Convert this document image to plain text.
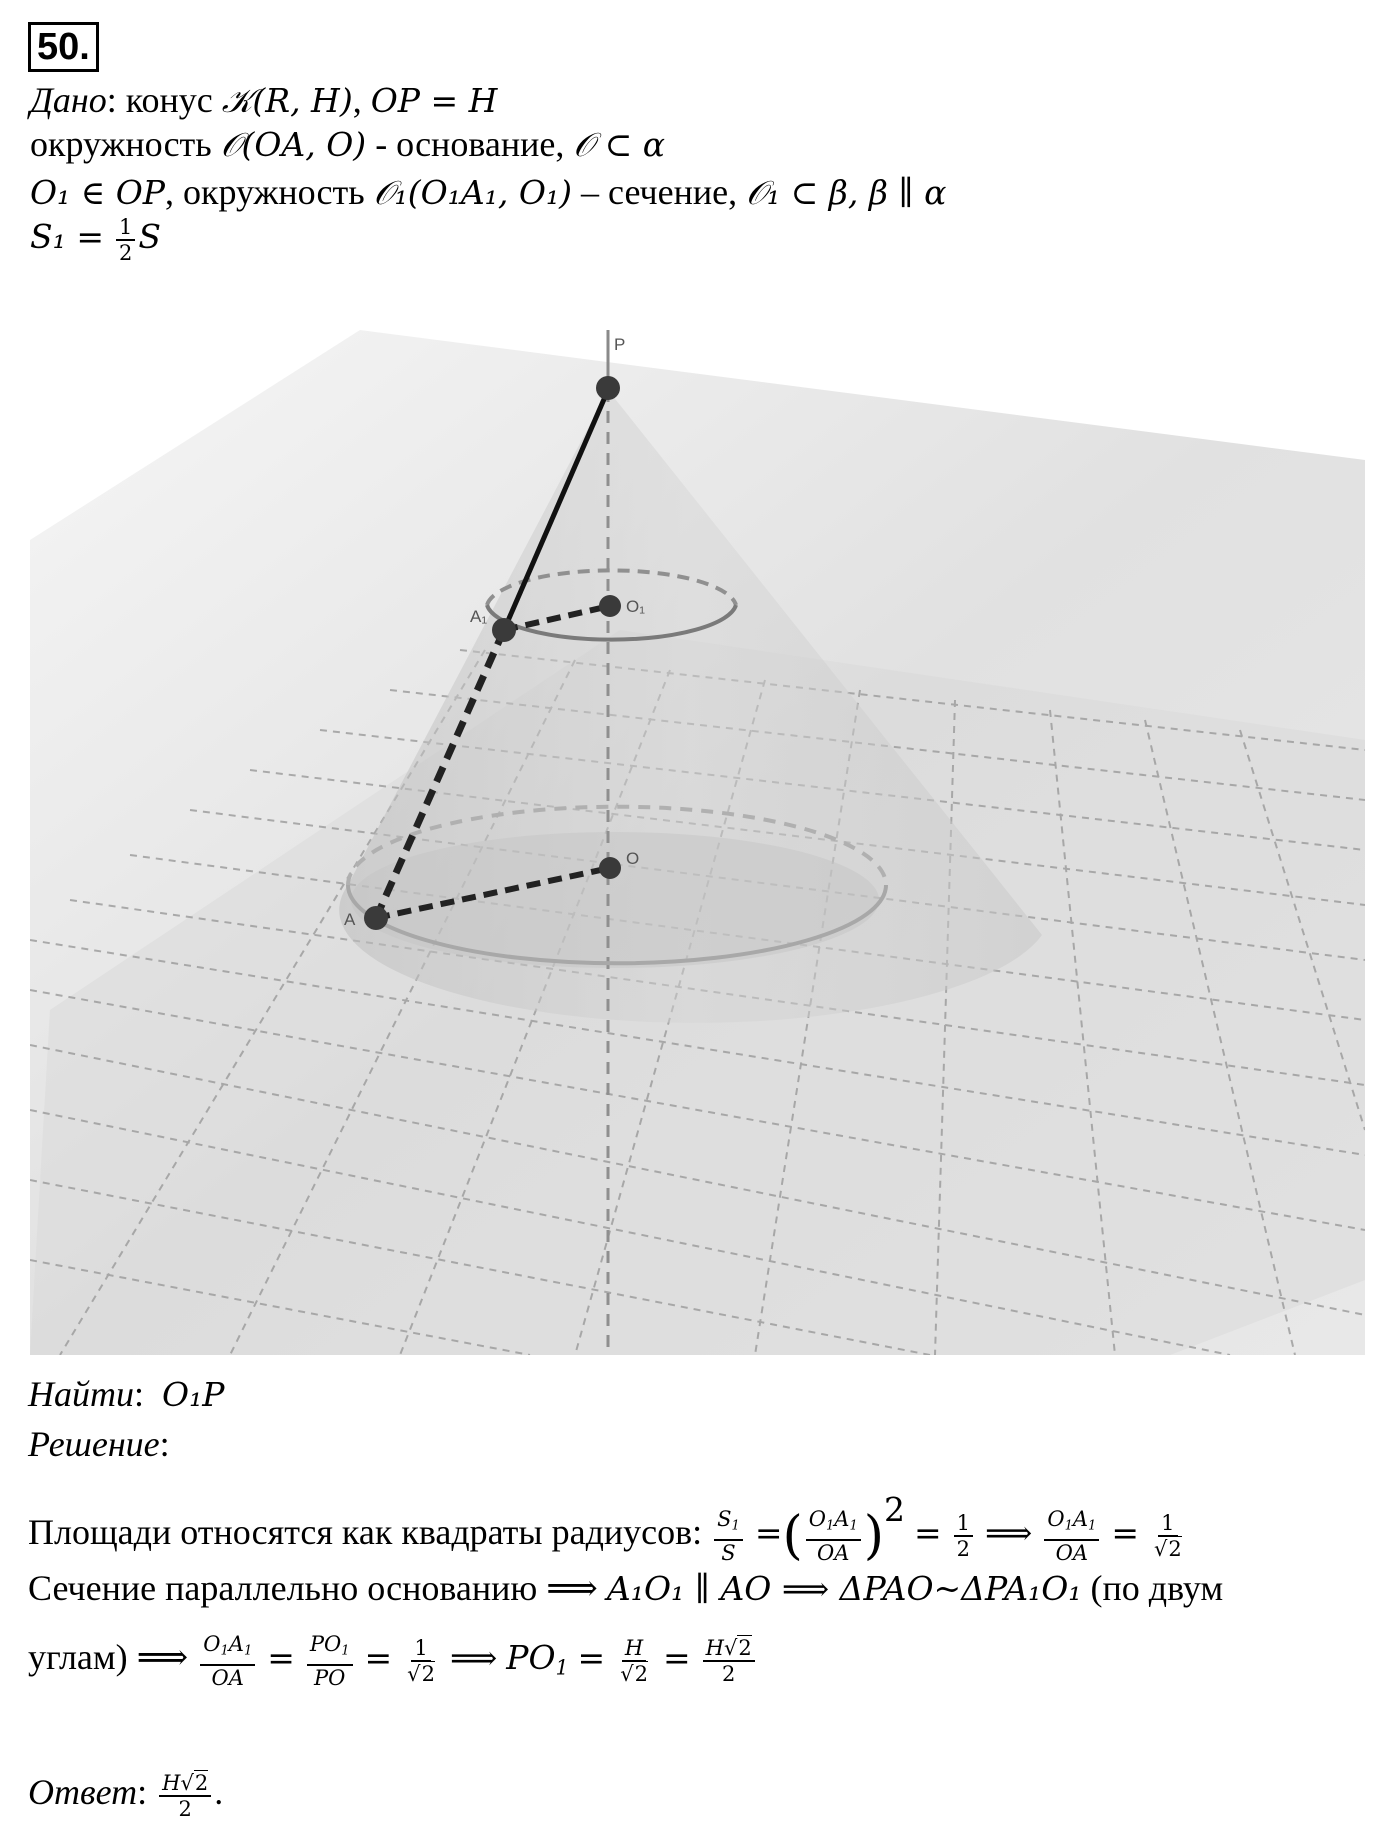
50.
Дано: конус 𝒦(R, H), OP = H
окружность 𝒪(OA, O) - основание, 𝒪 ⊂ α
O₁ ∈ OP, окружность 𝒪₁(O₁A₁, O₁) – сечение, 𝒪₁ ⊂ β, β ∥ α
$S_1 = \frac{1}{2}$ S
P
O₁
A₁
O
A
Найти:  O₁P
Решение:
Площади относятся как квадраты радиусов: $\frac{S_1}{S}$ =( $\frac{O_1A_1}{OA} )^2 = \frac{1}{2}$ ⟹ $\frac{O_1A_1}{OA} = \frac{1}{√2}$
Сечение параллельно основанию ⟹ A₁O₁ ∥ AO ⟹ ΔPAO~ΔPA₁O₁ (по двум
углам) ⟹ $\frac{O_1A_1}{OA} = \frac{PO_1}{PO} = \frac{1}{√2}$ ⟹ $PO_1 = \frac{H}{√2} = \frac{H√2}{2}$
Ответ: $\frac{H√2}{2}$ .
